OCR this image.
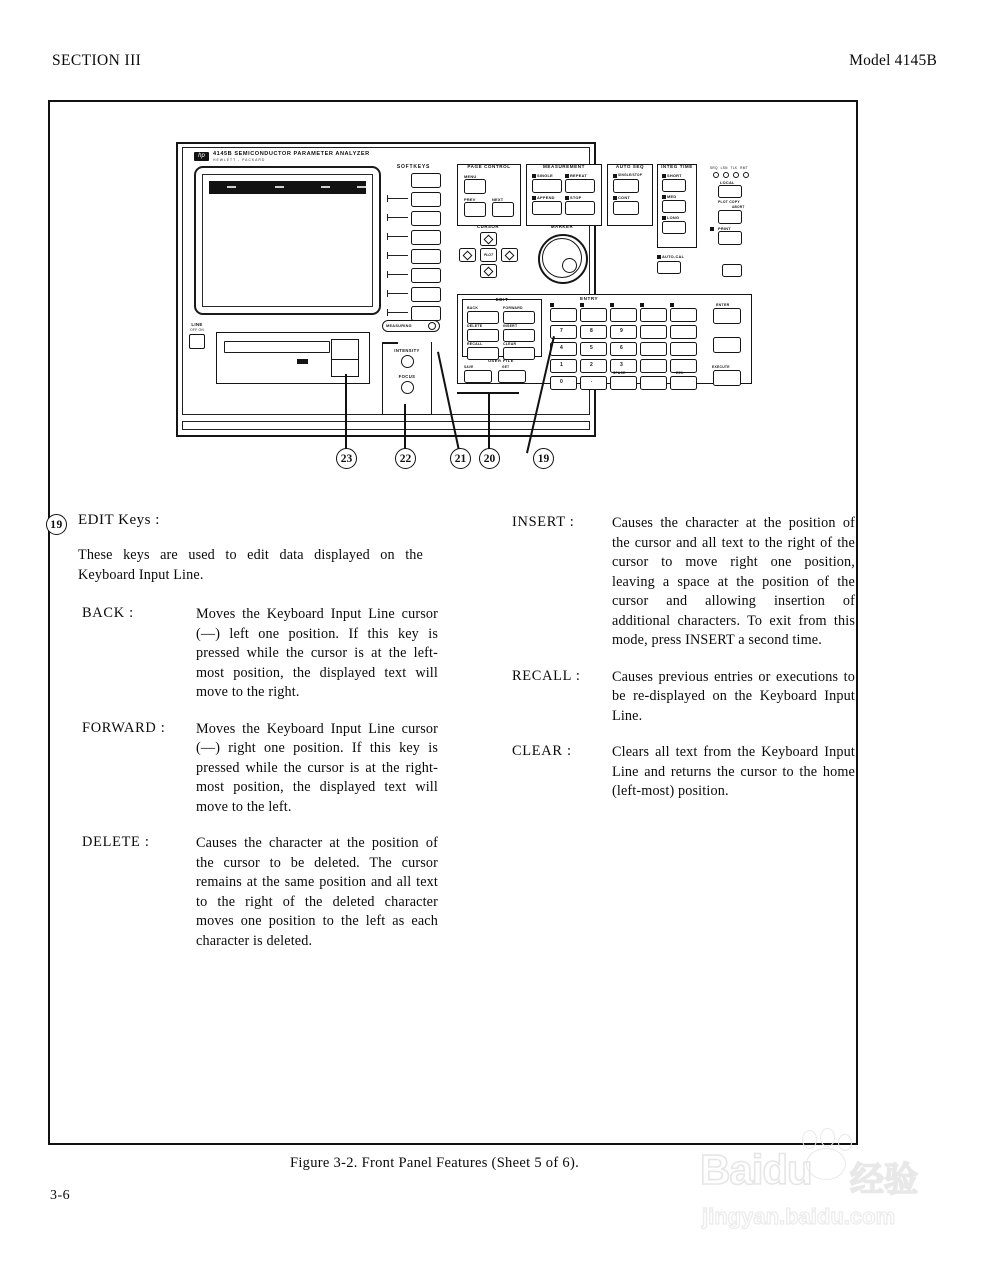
SECTION III	Model 4145B
hp	4145B SEMICONDUCTOR PARAMETER ANALYZER
HEWLETT - PACKARD
LINE
OFF ON
SOFTKEYS
MEASURING
INTENSITY
FOCUS
PAGE CONTROL
MENU
PREV	NEXT
MEASUREMENT
SINGLE	REPEAT
APPEND	STOP
AUTO SEQ
SINGLE/STOP
CONT
INTEG TIME
SHORT
MED
LONG
AUTO-CAL
SRQ LSN TLK RMT
LOCAL
PLOT COPY
ABORT
PRINT
CURSOR
PLOT
MARKER
EDIT
BACK	FORWARD
DELETE	INSERT
RECALL	CLEAR
USER FILE
SAVE	GET
ENTRY
7	8	9
4	5	6
1	2	3
0	.
SPACE	EEX
ENTER
EXECUTE
23	22	21	20	19
19 EDIT Keys :

These keys are used to edit data displayed on the Keyboard Input Line.

BACK :	Moves the Keyboard Input Line cursor (—) left one position. If this key is pressed while the cursor is at the left-most position, the displayed text will move to the right.
FORWARD :	Moves the Keyboard Input Line cursor (—) right one position. If this key is pressed while the cursor is at the right-most position, the displayed text will move to the left.
DELETE :	Causes the character at the position of the cursor to be deleted. The cursor remains at the same position and all text to the right of the deleted character moves one position to the left as each character is deleted.
INSERT :	Causes the character at the position of the cursor and all text to the right of the cursor to move right one position, leaving a space at the position of the cursor and allowing insertion of additional characters. To exit from this mode, press INSERT a second time.
RECALL :	Causes previous entries or executions to be re-displayed on the Keyboard Input Line.
CLEAR :	Clears all text from the Keyboard Input Line and returns the cursor to the home (left-most) position.
Figure 3-2. Front Panel Features (Sheet 5 of 6).
3-6
Baidu 经验
jingyan.baidu.com
